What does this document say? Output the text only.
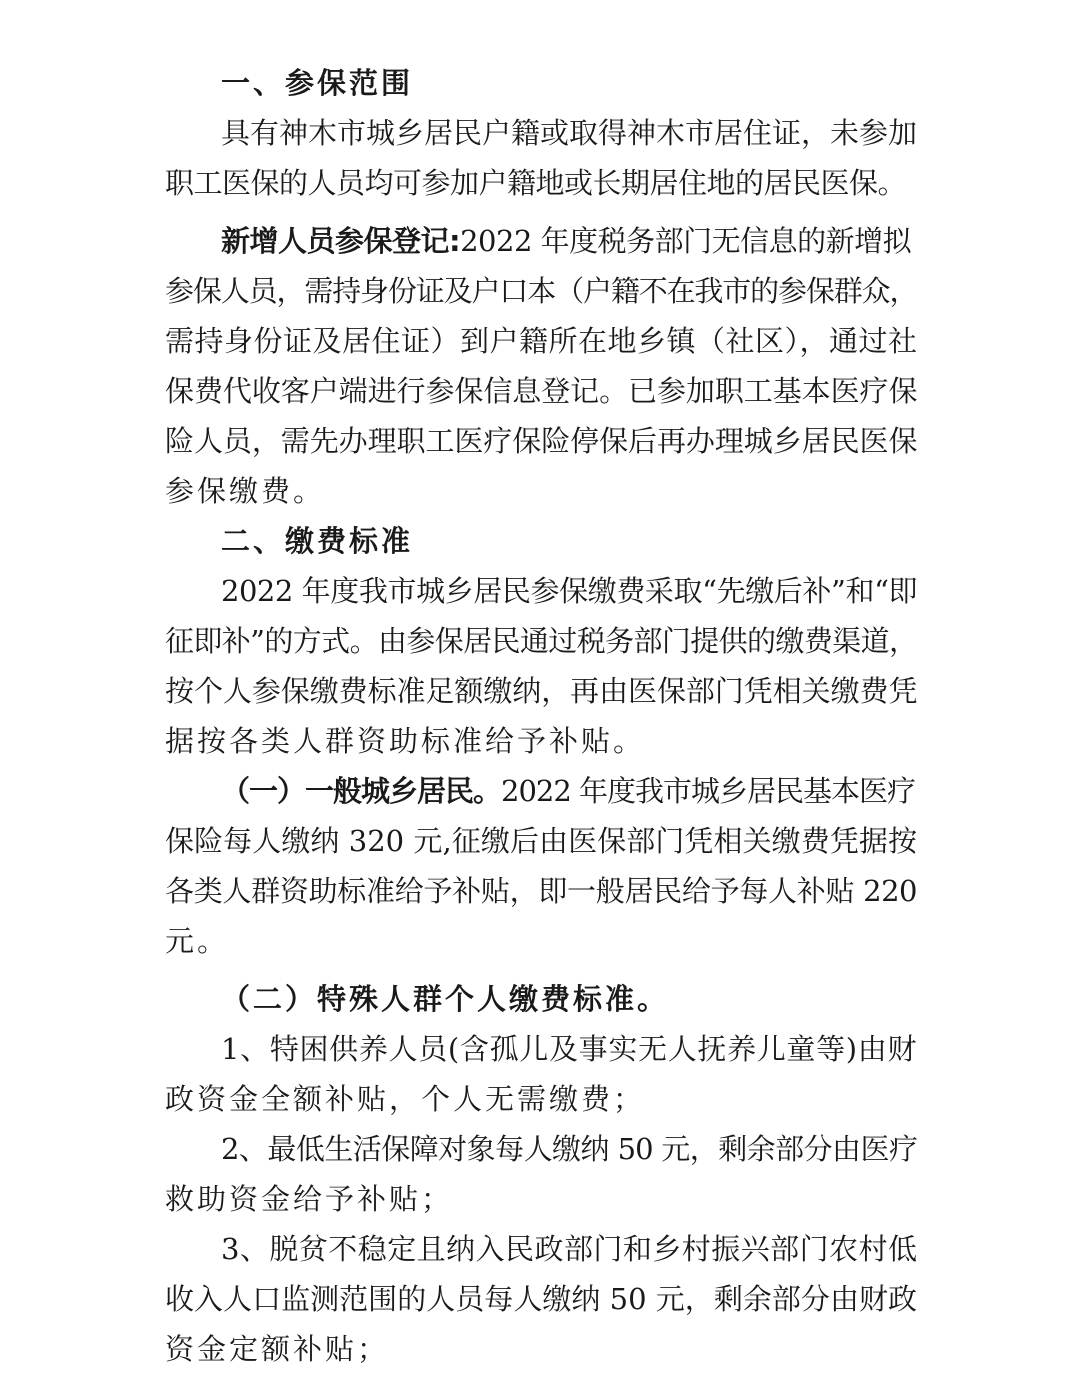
一、参保范围
具有神木市城乡居民户籍或取得神木市居住证，未参加
职工医保的人员均可参加户籍地或长期居住地的居民医保。
新增人员参保登记:2022 年度税务部门无信息的新增拟
参保人员，需持身份证及户口本（户籍不在我市的参保群众，
需持身份证及居住证）到户籍所在地乡镇（社区），通过社
保费代收客户端进行参保信息登记。已参加职工基本医疗保
险人员，需先办理职工医疗保险停保后再办理城乡居民医保
参保缴费。
二、缴费标准
2022 年度我市城乡居民参保缴费采取“先缴后补”和“即
征即补”的方式。由参保居民通过税务部门提供的缴费渠道，
按个人参保缴费标准足额缴纳，再由医保部门凭相关缴费凭
据按各类人群资助标准给予补贴。
（一）一般城乡居民。2022 年度我市城乡居民基本医疗
保险每人缴纳 320 元,征缴后由医保部门凭相关缴费凭据按
各类人群资助标准给予补贴，即一般居民给予每人补贴 220
元。
（二）特殊人群个人缴费标准。
1、特困供养人员(含孤儿及事实无人抚养儿童等)由财
政资金全额补贴，个人无需缴费；
2、最低生活保障对象每人缴纳 50 元，剩余部分由医疗
救助资金给予补贴；
3、脱贫不稳定且纳入民政部门和乡村振兴部门农村低
收入人口监测范围的人员每人缴纳 50 元，剩余部分由财政
资金定额补贴；
